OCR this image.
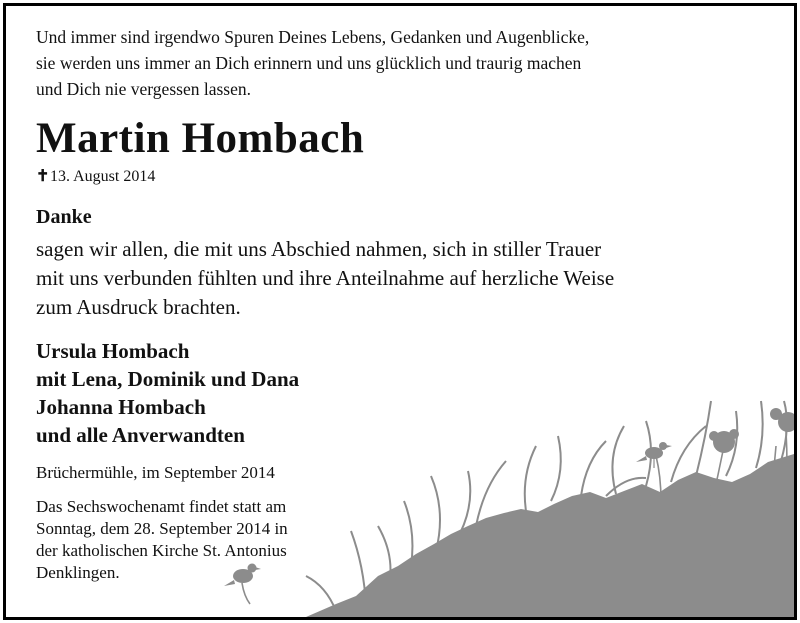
Und immer sind irgendwo Spuren Deines Lebens, Gedanken und Augenblicke,
sie werden uns immer an Dich erinnern und uns glücklich und traurig machen
und Dich nie vergessen lassen.
Martin Hombach
✝13. August 2014
Danke
sagen wir allen, die mit uns Abschied nahmen, sich in stiller Trauer
mit uns verbunden fühlten und ihre Anteilnahme auf herzliche Weise
zum Ausdruck brachten.
Ursula Hombach
mit Lena, Dominik und Dana
Johanna Hombach
und alle Anverwandten
Brüchermühle, im September 2014
Das Sechswochenamt findet statt am
Sonntag, dem 28. September 2014 in
der katholischen Kirche St. Antonius
Denklingen.
